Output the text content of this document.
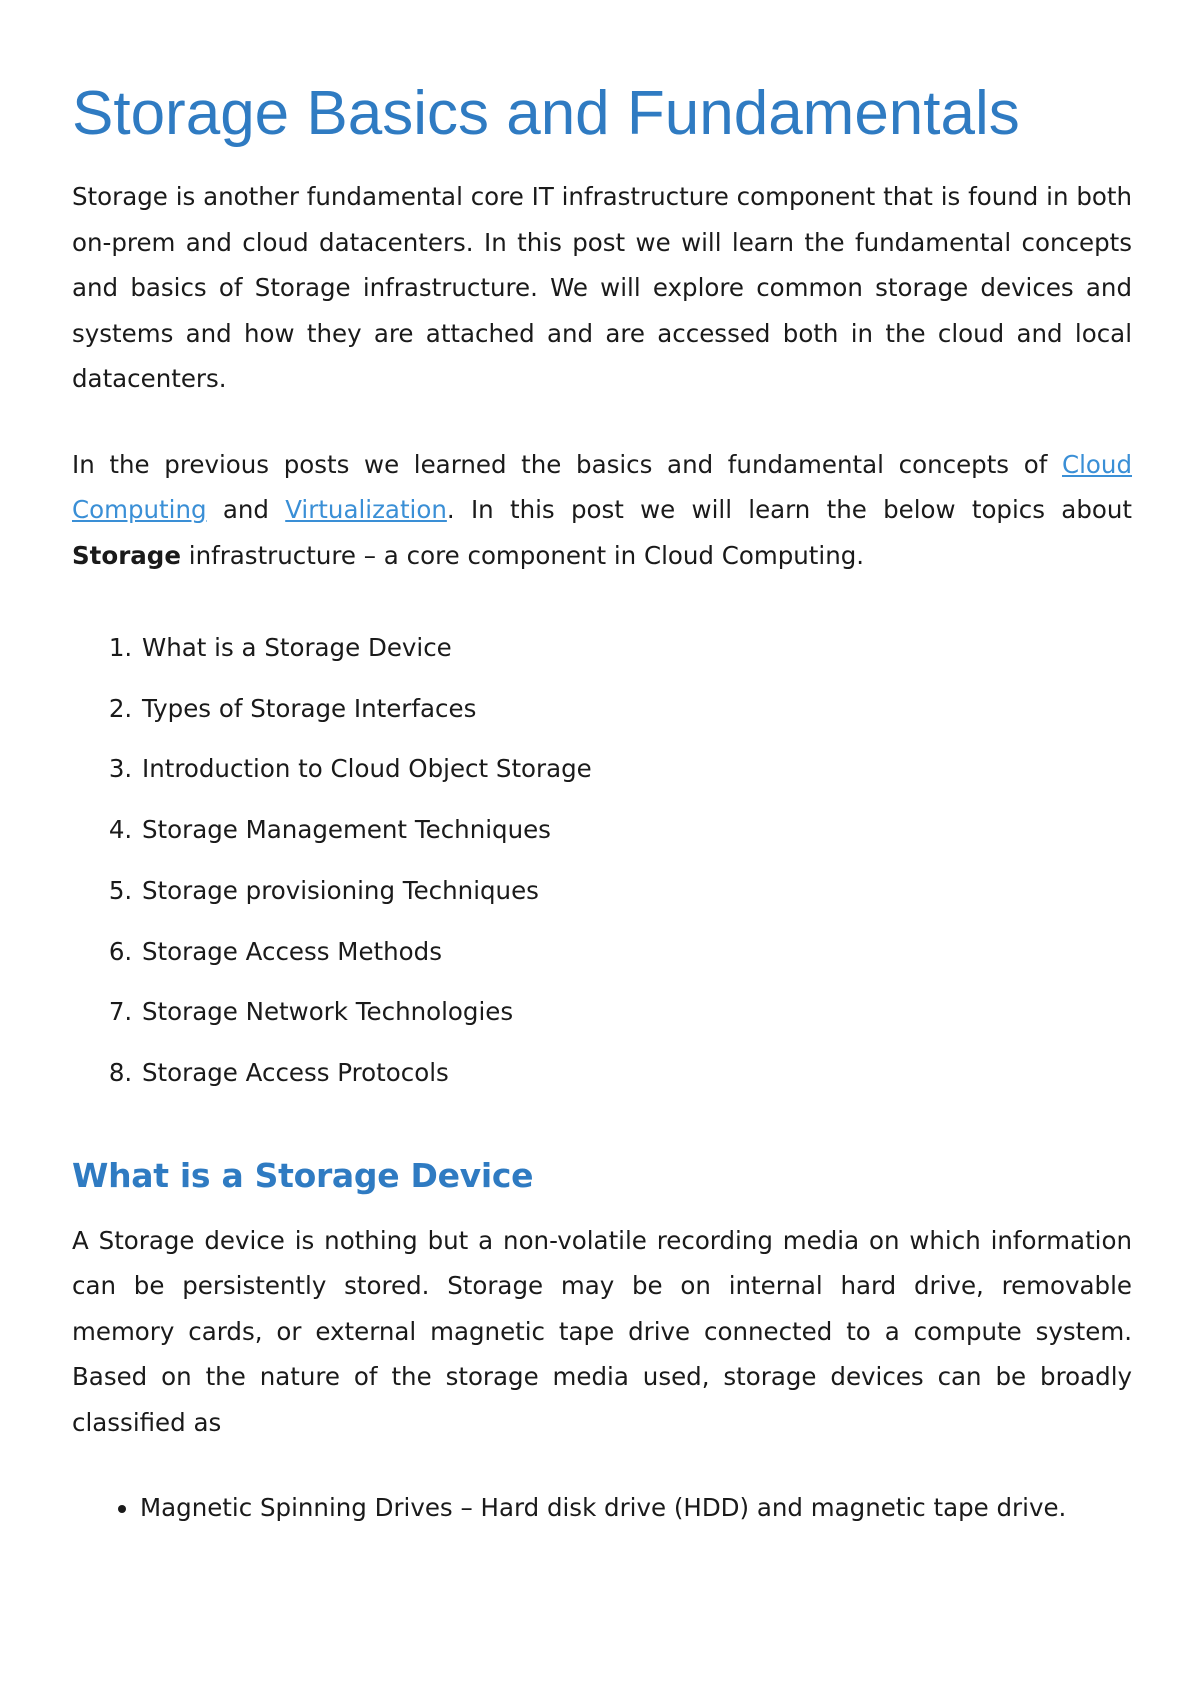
Storage Basics and Fundamentals

Storage is another fundamental core IT infrastructure component that is found in both on-prem and cloud datacenters. In this post we will learn the fundamental concepts and basics of Storage infrastructure. We will explore common storage devices and systems and how they are attached and are accessed both in the cloud and local datacenters.

In the previous posts we learned the basics and fundamental concepts of Cloud Computing and Virtualization. In this post we will learn the below topics about Storage infrastructure – a core component in Cloud Computing.

1. What is a Storage Device
2. Types of Storage Interfaces
3. Introduction to Cloud Object Storage
4. Storage Management Techniques
5. Storage provisioning Techniques
6. Storage Access Methods
7. Storage Network Technologies
8. Storage Access Protocols
What is a Storage Device

A Storage device is nothing but a non-volatile recording media on which information can be persistently stored. Storage may be on internal hard drive, removable memory cards, or external magnetic tape drive connected to a compute system. Based on the nature of the storage media used, storage devices can be broadly classified as

• Magnetic Spinning Drives – Hard disk drive (HDD) and magnetic tape drive.
